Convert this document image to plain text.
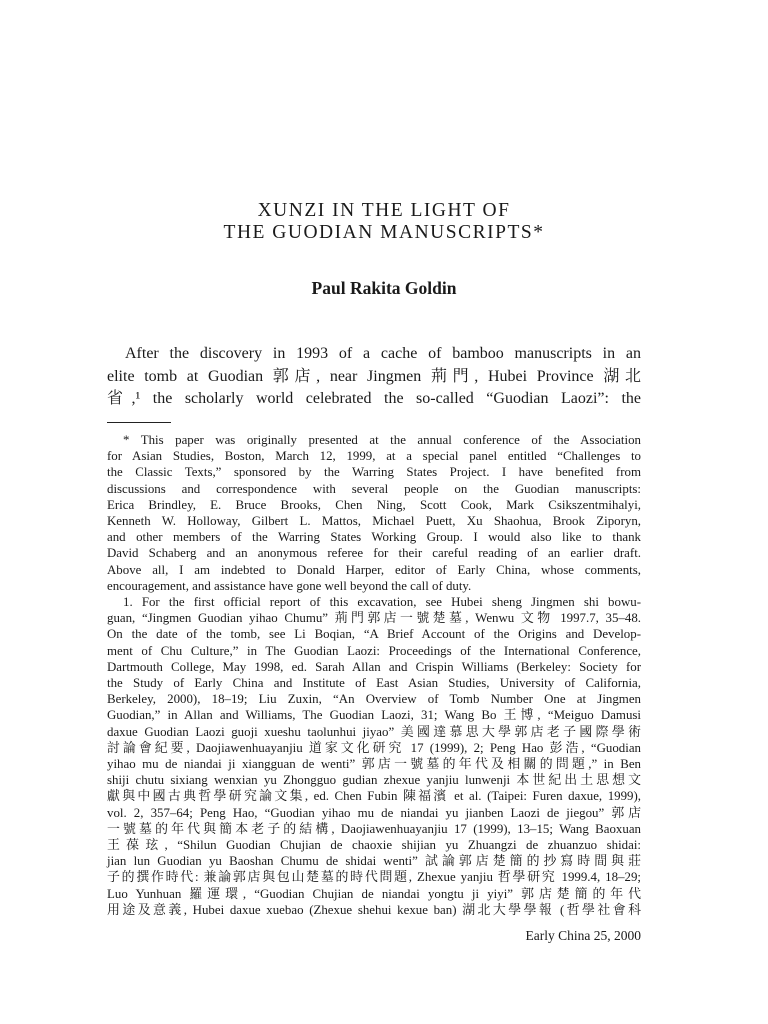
XUNZI IN THE LIGHT OF
THE GUODIAN MANUSCRIPTS*
Paul Rakita Goldin
After the discovery in 1993 of a cache of bamboo manuscripts in an
elite tomb at Guodian 郭店, near Jingmen 荊門, Hubei Province 湖北
省,¹ the scholarly world celebrated the so-called “Guodian Laozi”: the
* This paper was originally presented at the annual conference of the Association
for Asian Studies, Boston, March 12, 1999, at a special panel entitled “Challenges to
the Classic Texts,” sponsored by the Warring States Project. I have benefited from
discussions and correspondence with several people on the Guodian manuscripts:
Erica Brindley, E. Bruce Brooks, Chen Ning, Scott Cook, Mark Csikszentmihalyi,
Kenneth W. Holloway, Gilbert L. Mattos, Michael Puett, Xu Shaohua, Brook Ziporyn,
and other members of the Warring States Working Group. I would also like to thank
David Schaberg and an anonymous referee for their careful reading of an earlier draft.
Above all, I am indebted to Donald Harper, editor of Early China, whose comments,
encouragement, and assistance have gone well beyond the call of duty.
1. For the first official report of this excavation, see Hubei sheng Jingmen shi bowu-
guan, “Jingmen Guodian yihao Chumu” 荊門郭店一號楚墓, Wenwu 文物 1997.7, 35–48.
On the date of the tomb, see Li Boqian, “A Brief Account of the Origins and Develop-
ment of Chu Culture,” in The Guodian Laozi: Proceedings of the International Conference,
Dartmouth College, May 1998, ed. Sarah Allan and Crispin Williams (Berkeley: Society for
the Study of Early China and Institute of East Asian Studies, University of California,
Berkeley, 2000), 18–19; Liu Zuxin, “An Overview of Tomb Number One at Jingmen
Guodian,” in Allan and Williams, The Guodian Laozi, 31; Wang Bo 王博, “Meiguo Damusi
daxue Guodian Laozi guoji xueshu taolunhui jiyao” 美國達慕思大學郭店老子國際學術
討論會紀要, Daojiawenhuayanjiu 道家文化研究 17 (1999), 2; Peng Hao 彭浩, “Guodian
yihao mu de niandai ji xiangguan de wenti” 郭店一號墓的年代及相關的問題,” in Ben
shiji chutu sixiang wenxian yu Zhongguo gudian zhexue yanjiu lunwenji 本世紀出土思想文
獻與中國古典哲學研究論文集, ed. Chen Fubin 陳福濱 et al. (Taipei: Furen daxue, 1999),
vol. 2, 357–64; Peng Hao, “Guodian yihao mu de niandai yu jianben Laozi de jiegou” 郭店
一號墓的年代與簡本老子的結構, Daojiawenhuayanjiu 17 (1999), 13–15; Wang Baoxuan
王葆玹, “Shilun Guodian Chujian de chaoxie shijian yu Zhuangzi de zhuanzuo shidai:
jian lun Guodian yu Baoshan Chumu de shidai wenti” 試論郭店楚簡的抄寫時間與莊
子的撰作時代: 兼論郭店與包山楚墓的時代問題, Zhexue yanjiu 哲學研究 1999.4, 18–29;
Luo Yunhuan 羅運環, “Guodian Chujian de niandai yongtu ji yiyi” 郭店楚簡的年代
用途及意義, Hubei daxue xuebao (Zhexue shehui kexue ban) 湖北大學學報 (哲學社會科
Early China 25, 2000
